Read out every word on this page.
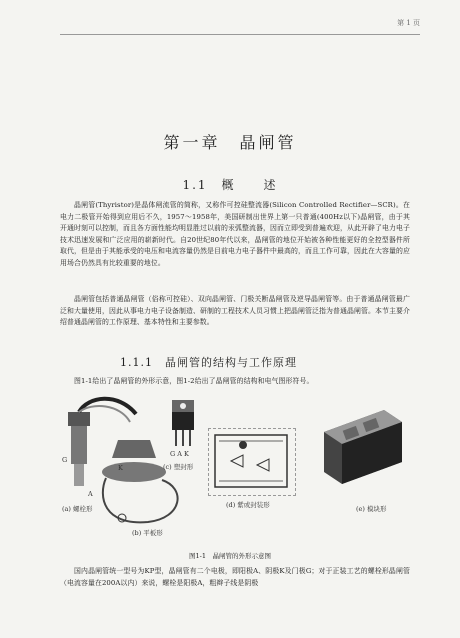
第 1 页
第一章　晶闸管
1.1　概　　述
晶闸管(Thyristor)是晶体闸流管的简称，又称作可控硅整流器(Silicon Controlled Rectifier—SCR)。在电力二极管开始得到应用后不久，1957～1958年，美国研制出世界上第一只普通(400Hz以下)晶闸管，由于其开通时刻可以控制，而且各方面性能均明显胜过以前的汞弧整流器，因而立即受到普遍欢迎，从此开辟了电力电子技术迅速发展和广泛应用的崭新时代。自20世纪80年代以来，晶闸管的地位开始被各种性能更好的全控型器件所取代，但是由于其能承受的电压和电流容量仍然是目前电力电子器件中最高的，而且工作可靠，因此在大容量的应用场合仍然具有比较重要的地位。
晶闸管包括普通晶闸管（俗称可控硅）、双向晶闸管、门极关断晶闸管及逆导晶闸管等。由于普通晶闸管最广泛和大量使用，因此从事电力电子设备制造、研制的工程技术人员习惯上把晶闸管泛指为普通晶闸管。本节主要介绍普通晶闸管的工作原理、基本特性和主要参数。
1.1.1　晶闸管的结构与工作原理
图1-1给出了晶闸管的外形示意，图1-2给出了晶闸管的结构和电气图形符号。
G
K
A
(a) 螺栓形
(b) 平板形
G A K
(c) 塑封形
(d) 紫或封装形	(e) 模块形
图1-1　晶闸管的外形示意图
国内晶闸管统一型号为KP型，晶闸管有二个电极，即阳极A、阴极K及门极G；对于正装工艺的螺栓形晶闸管（电流容量在200A以内）来说，螺栓是阳极A，粗辫子线是阴极
